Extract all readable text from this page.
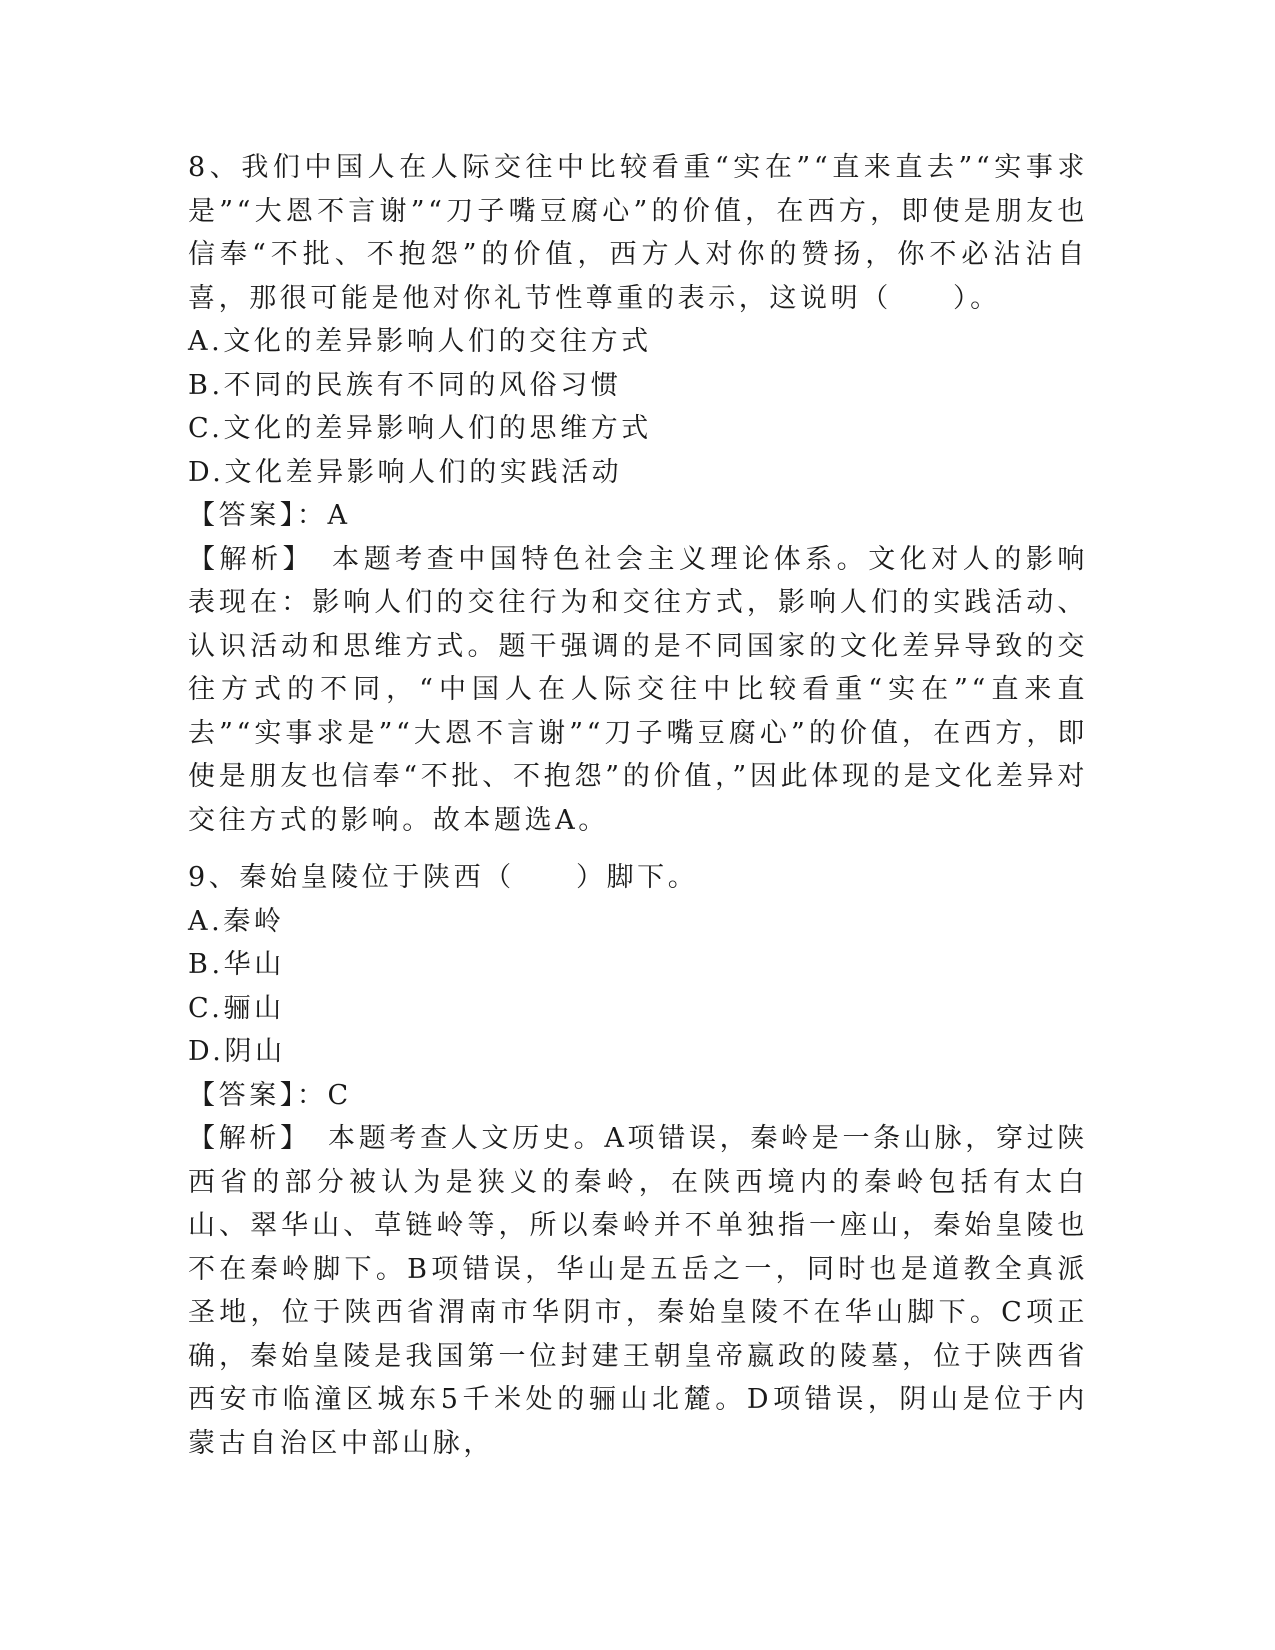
8、我们中国人在人际交往中比较看重“实在”“直来直去”“实事求是”“大恩不言谢”“刀子嘴豆腐心”的价值，在西方，即使是朋友也信奉“不批、不抱怨”的价值，西方人对你的赞扬，你不必沾沾自喜，那很可能是他对你礼节性尊重的表示，这说明（　　）。
A.文化的差异影响人们的交往方式
B.不同的民族有不同的风俗习惯
C.文化的差异影响人们的思维方式
D.文化差异影响人们的实践活动
【答案】：A
【解析】　本题考查中国特色社会主义理论体系。文化对人的影响表现在：影响人们的交往行为和交往方式，影响人们的实践活动、认识活动和思维方式。题干强调的是不同国家的文化差异导致的交往方式的不同，“中国人在人际交往中比较看重“实在”“直来直去”“实事求是”“大恩不言谢”“刀子嘴豆腐心”的价值，在西方，即使是朋友也信奉“不批、不抱怨”的价值，”因此体现的是文化差异对交往方式的影响。故本题选A。
9、秦始皇陵位于陕西（　　）脚下。
A.秦岭
B.华山
C.骊山
D.阴山
【答案】：C
【解析】　本题考查人文历史。A项错误，秦岭是一条山脉，穿过陕西省的部分被认为是狭义的秦岭，在陕西境内的秦岭包括有太白山、翠华山、草链岭等，所以秦岭并不单独指一座山，秦始皇陵也不在秦岭脚下。B项错误，华山是五岳之一，同时也是道教全真派圣地，位于陕西省渭南市华阴市，秦始皇陵不在华山脚下。C项正确，秦始皇陵是我国第一位封建王朝皇帝嬴政的陵墓，位于陕西省西安市临潼区城东5千米处的骊山北麓。D项错误，阴山是位于内蒙古自治区中部山脉，
